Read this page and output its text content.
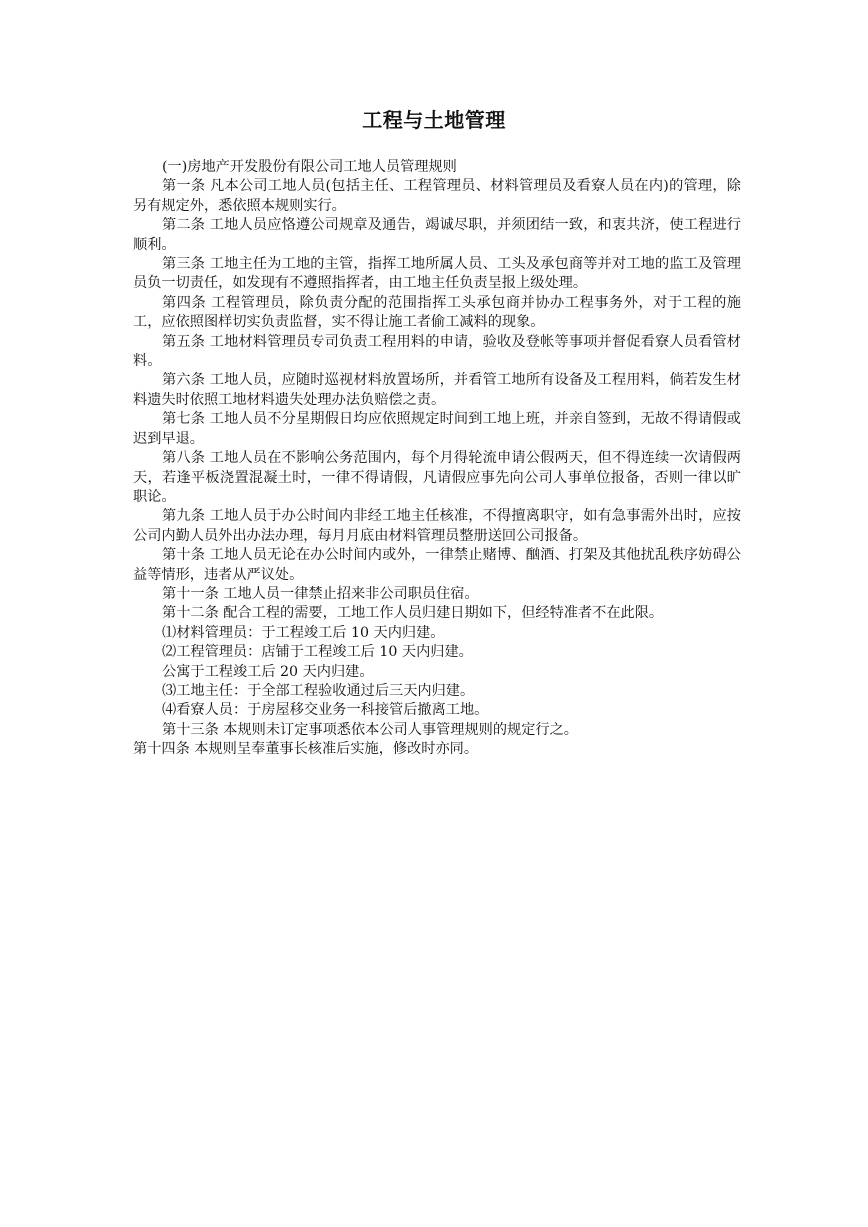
工程与土地管理

(一)房地产开发股份有限公司工地人员管理规则

第一条 凡本公司工地人员(包括主任、工程管理员、材料管理员及看寮人员在内)的管理，除另有规定外，悉依照本规则实行。

第二条 工地人员应恪遵公司规章及通告，竭诚尽职，并须团结一致，和衷共济，使工程进行顺利。

第三条 工地主任为工地的主管，指挥工地所属人员、工头及承包商等并对工地的监工及管理员负一切责任，如发现有不遵照指挥者，由工地主任负责呈报上级处理。

第四条 工程管理员，除负责分配的范围指挥工头承包商并协办工程事务外，对于工程的施工，应依照图样切实负责监督，实不得让施工者偷工减料的现象。

第五条 工地材料管理员专司负责工程用料的申请，验收及登帐等事项并督促看寮人员看管材料。

第六条 工地人员，应随时巡视材料放置场所，并看管工地所有设备及工程用料，倘若发生材料遗失时依照工地材料遗失处理办法负赔偿之责。

第七条 工地人员不分星期假日均应依照规定时间到工地上班，并亲自签到，无故不得请假或迟到早退。

第八条 工地人员在不影响公务范围内，每个月得轮流申请公假两天，但不得连续一次请假两天，若逢平板浇置混凝土时，一律不得请假，凡请假应事先向公司人事单位报备，否则一律以旷职论。

第九条 工地人员于办公时间内非经工地主任核准，不得擅离职守，如有急事需外出时，应按公司内勤人员外出办法办理，每月月底由材料管理员整册送回公司报备。

第十条 工地人员无论在办公时间内或外，一律禁止赌博、酗酒、打架及其他扰乱秩序妨碍公益等情形，违者从严议处。

第十一条 工地人员一律禁止招来非公司职员住宿。

第十二条 配合工程的需要，工地工作人员归建日期如下，但经特准者不在此限。

⑴材料管理员：于工程竣工后 10 天内归建。

⑵工程管理员：店铺于工程竣工后 10 天内归建。

公寓于工程竣工后 20 天内归建。

⑶工地主任：于全部工程验收通过后三天内归建。

⑷看寮人员：于房屋移交业务一科接管后撤离工地。

第十三条 本规则未订定事项悉依本公司人事管理规则的规定行之。

第十四条 本规则呈奉董事长核准后实施，修改时亦同。
